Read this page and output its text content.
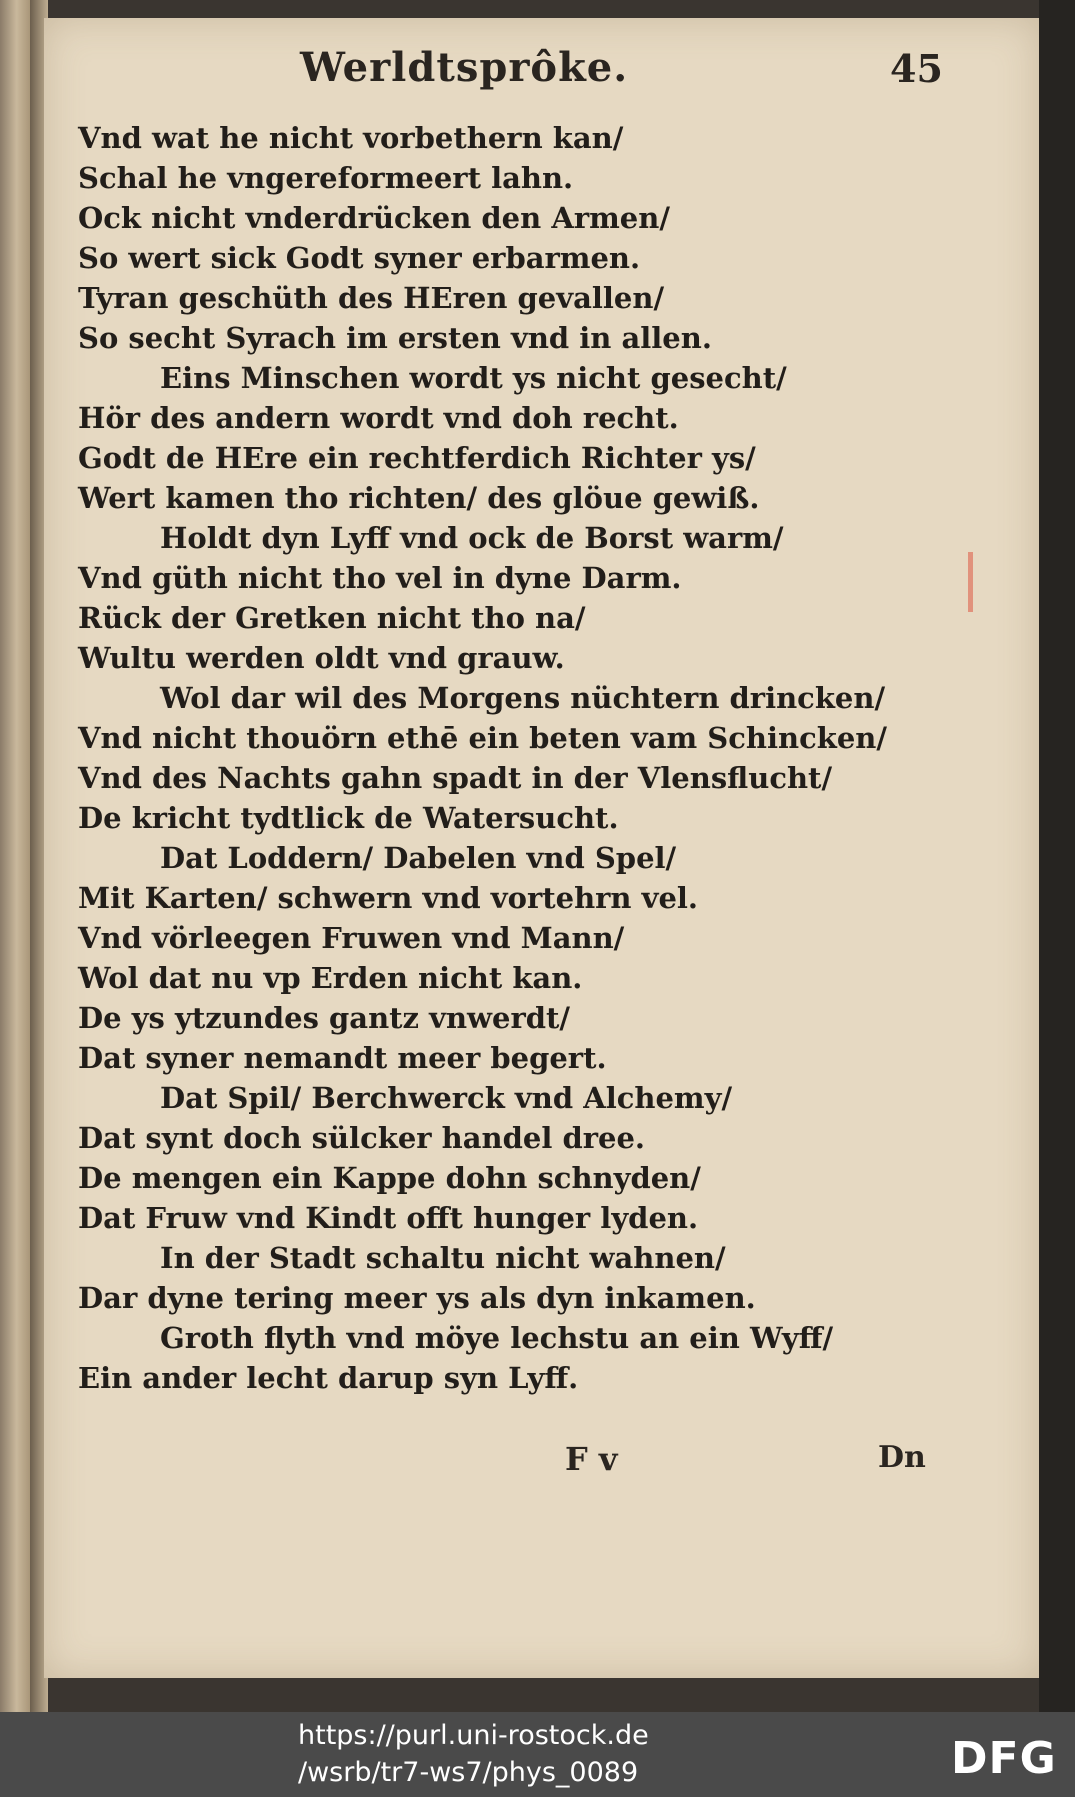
Werldtsprôke.	45
Vnd wat he nicht vorbethern kan/
Schal he vngereformeert lahn.
Ock nicht vnderdrücken den Armen/
So wert sick Godt syner erbarmen.
Tyran geschüth des HEren gevallen/
So secht Syrach im ersten vnd in allen.
Eins Minschen wordt ys nicht gesecht/
Hör des andern wordt vnd doh recht.
Godt de HEre ein rechtferdich Richter ys/
Wert kamen tho richten/ des glöue gewiß.
Holdt dyn Lyff vnd ock de Borst warm/
Vnd güth nicht tho vel in dyne Darm.
Rück der Gretken nicht tho na/
Wultu werden oldt vnd grauw.
Wol dar wil des Morgens nüchtern drincken/
Vnd nicht thouörn ethē ein beten vam Schincken/
Vnd des Nachts gahn spadt in der Vlensflucht/
De kricht tydtlick de Watersucht.
Dat Loddern/ Dabelen vnd Spel/
Mit Karten/ schwern vnd vortehrn vel.
Vnd vörleegen Fruwen vnd Mann/
Wol dat nu vp Erden nicht kan.
De ys ytzundes gantz vnwerdt/
Dat syner nemandt meer begert.
Dat Spil/ Berchwerck vnd Alchemy/
Dat synt doch sülcker handel dree.
De mengen ein Kappe dohn schnyden/
Dat Fruw vnd Kindt offt hunger lyden.
In der Stadt schaltu nicht wahnen/
Dar dyne tering meer ys als dyn inkamen.
Groth flyth vnd möye lechstu an ein Wyff/
Ein ander lecht darup syn Lyff.
F v	Dn
https://purl.uni-rostock.de
/wsrb/tr7-ws7/phys_0089	DFG
